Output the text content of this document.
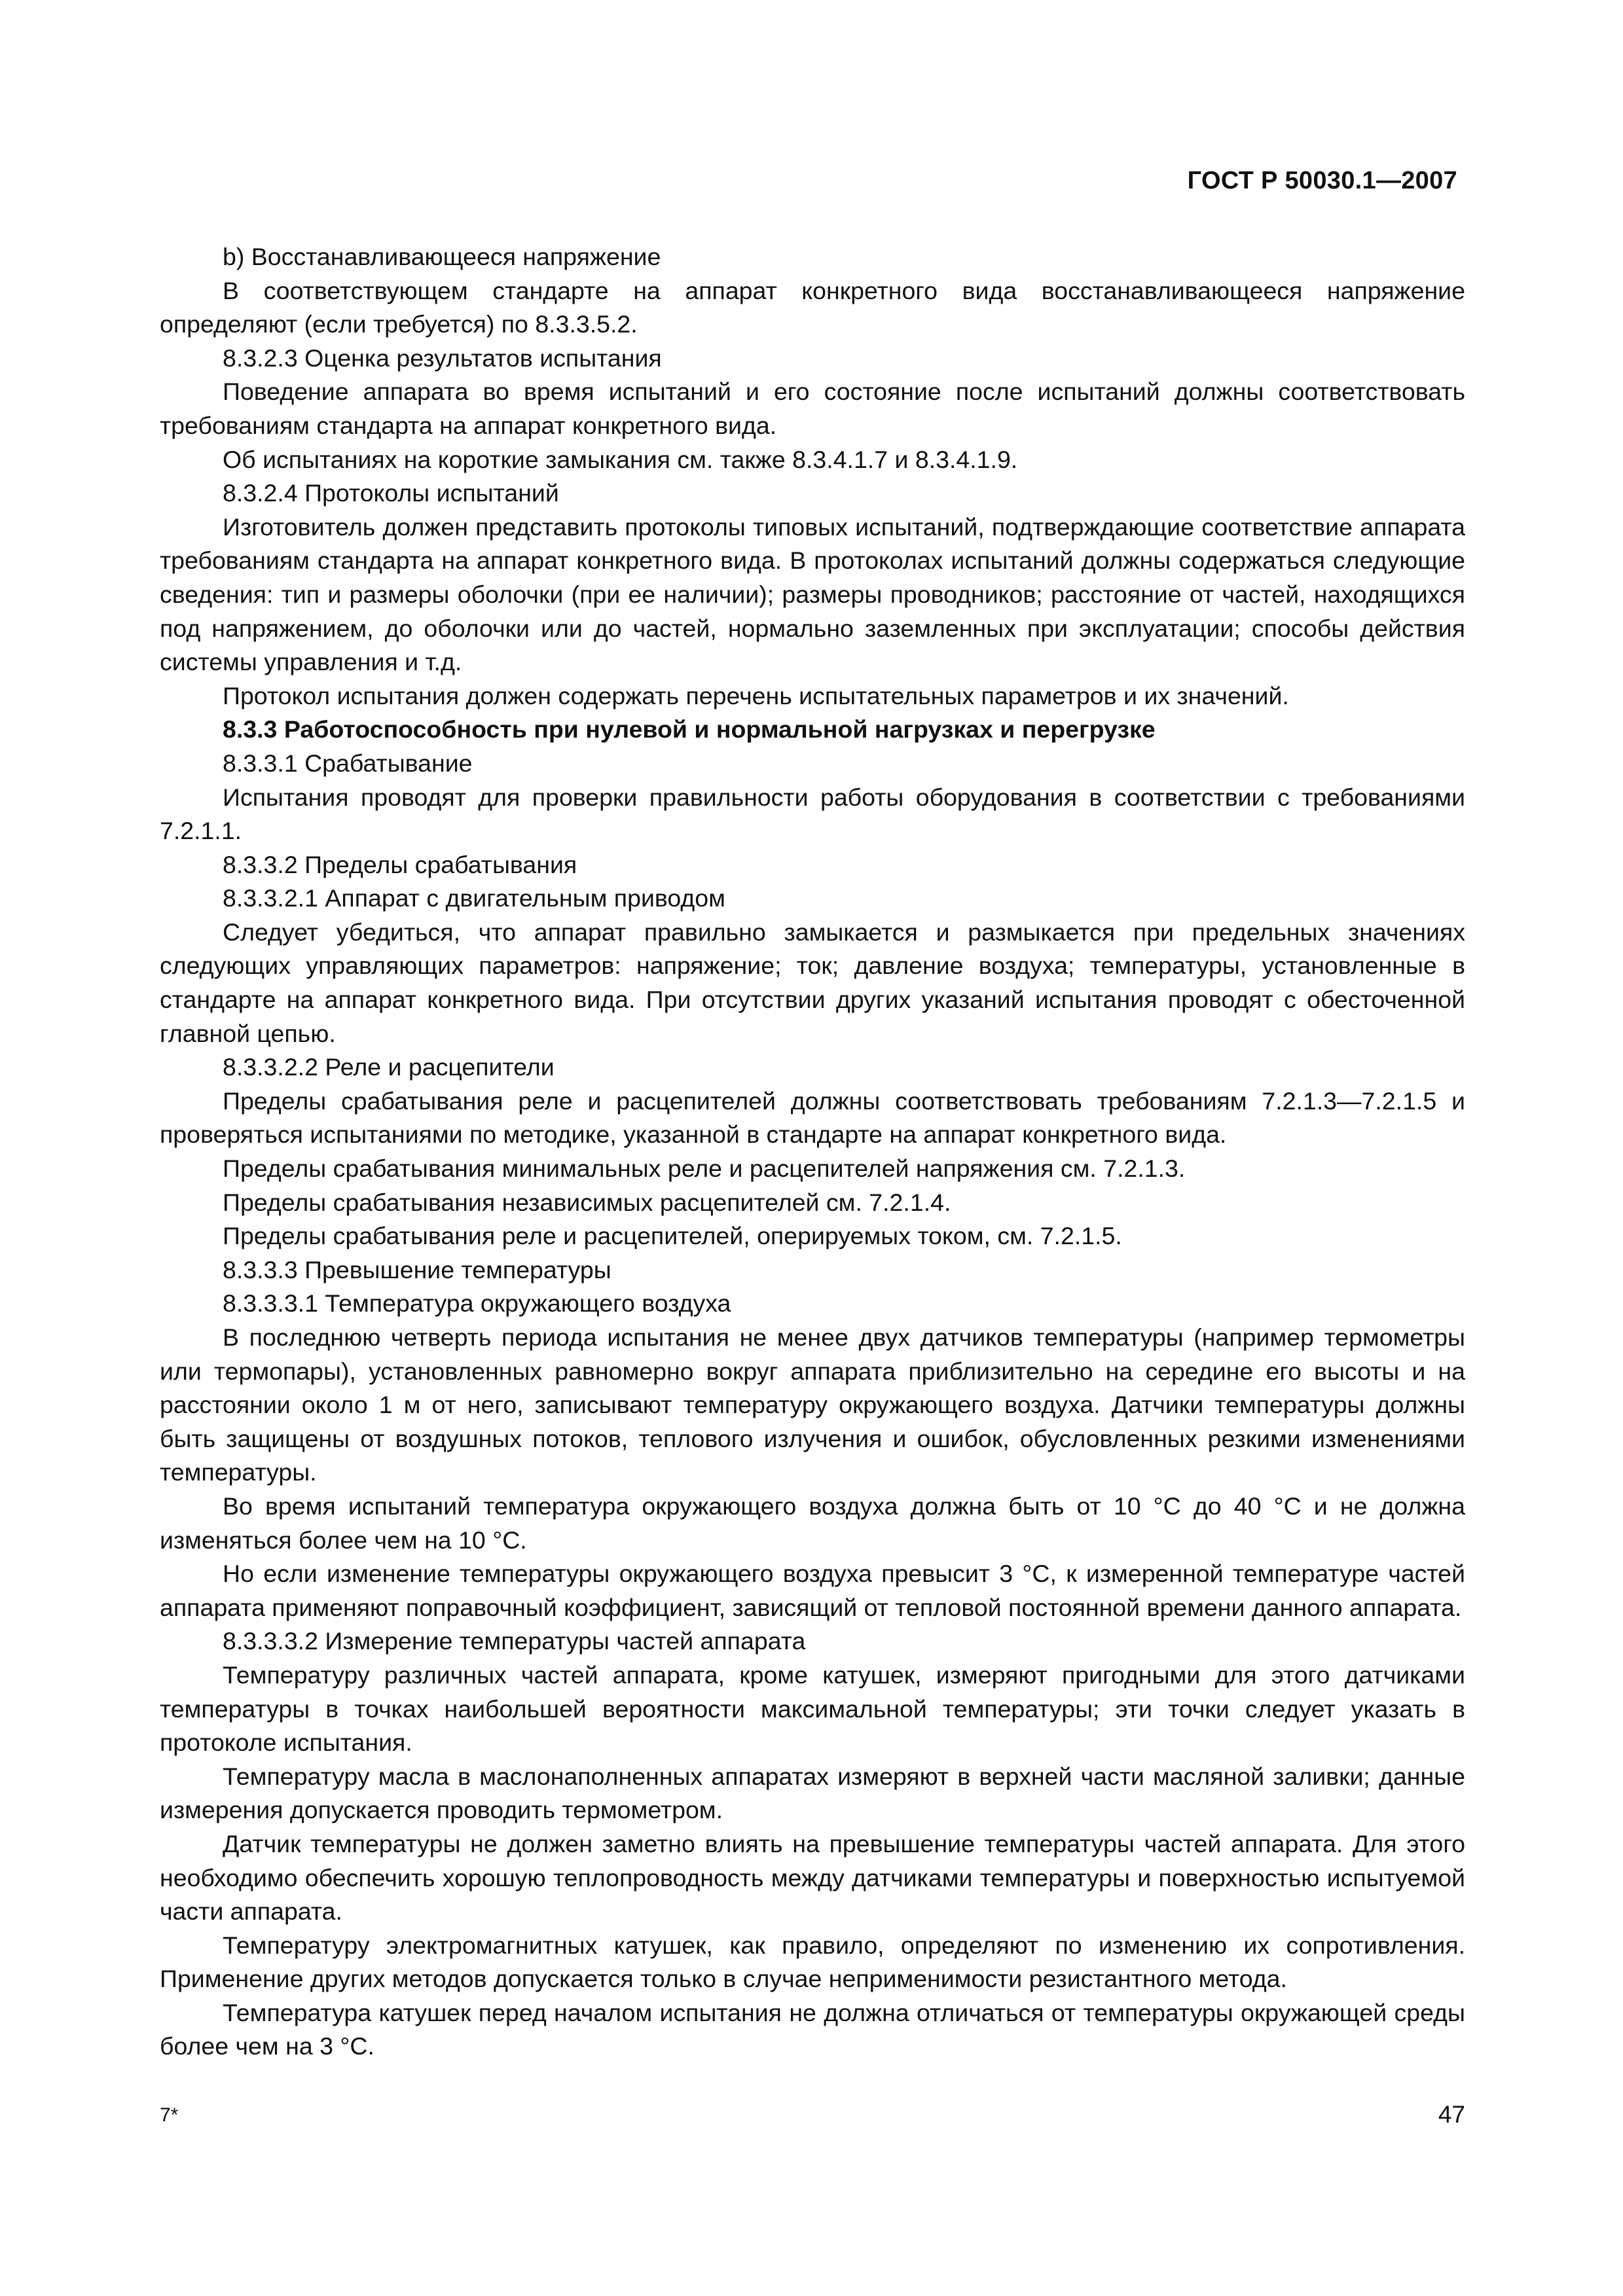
ГОСТ Р 50030.1—2007

b) Восстанавливающееся напряжение

В соответствующем стандарте на аппарат конкретного вида восстанавливающееся напряжение определяют (если требуется) по 8.3.3.5.2.

8.3.2.3 Оценка результатов испытания

Поведение аппарата во время испытаний и его состояние после испытаний должны соответствовать требованиям стандарта на аппарат конкретного вида.

Об испытаниях на короткие замыкания см. также 8.3.4.1.7 и 8.3.4.1.9.

8.3.2.4 Протоколы испытаний

Изготовитель должен представить протоколы типовых испытаний, подтверждающие соответствие аппарата требованиям стандарта на аппарат конкретного вида. В протоколах испытаний должны содержаться следующие сведения: тип и размеры оболочки (при ее наличии); размеры проводников; расстояние от частей, находящихся под напряжением, до оболочки или до частей, нормально заземленных при эксплуатации; способы действия системы управления и т.д.

Протокол испытания должен содержать перечень испытательных параметров и их значений.

8.3.3 Работоспособность при нулевой и нормальной нагрузках и перегрузке

8.3.3.1 Срабатывание

Испытания проводят для проверки правильности работы оборудования в соответствии с требованиями 7.2.1.1.

8.3.3.2 Пределы срабатывания

8.3.3.2.1 Аппарат с двигательным приводом

Следует убедиться, что аппарат правильно замыкается и размыкается при предельных значениях следующих управляющих параметров: напряжение; ток; давление воздуха; температуры, установленные в стандарте на аппарат конкретного вида. При отсутствии других указаний испытания проводят с обесточенной главной цепью.

8.3.3.2.2 Реле и расцепители

Пределы срабатывания реле и расцепителей должны соответствовать требованиям 7.2.1.3—7.2.1.5 и проверяться испытаниями по методике, указанной в стандарте на аппарат конкретного вида.

Пределы срабатывания минимальных реле и расцепителей напряжения см. 7.2.1.3.

Пределы срабатывания независимых расцепителей см. 7.2.1.4.

Пределы срабатывания реле и расцепителей, оперируемых током, см. 7.2.1.5.

8.3.3.3 Превышение температуры

8.3.3.3.1 Температура окружающего воздуха

В последнюю четверть периода испытания не менее двух датчиков температуры (например термометры или термопары), установленных равномерно вокруг аппарата приблизительно на середине его высоты и на расстоянии около 1 м от него, записывают температуру окружающего воздуха. Датчики температуры должны быть защищены от воздушных потоков, теплового излучения и ошибок, обусловленных резкими изменениями температуры.

Во время испытаний температура окружающего воздуха должна быть от 10 °С до 40 °С и не должна изменяться более чем на 10 °С.

Но если изменение температуры окружающего воздуха превысит 3 °С, к измеренной температуре частей аппарата применяют поправочный коэффициент, зависящий от тепловой постоянной времени данного аппарата.

8.3.3.3.2 Измерение температуры частей аппарата

Температуру различных частей аппарата, кроме катушек, измеряют пригодными для этого датчиками температуры в точках наибольшей вероятности максимальной температуры; эти точки следует указать в протоколе испытания.

Температуру масла в маслонаполненных аппаратах измеряют в верхней части масляной заливки; данные измерения допускается проводить термометром.

Датчик температуры не должен заметно влиять на превышение температуры частей аппарата. Для этого необходимо обеспечить хорошую теплопроводность между датчиками температуры и поверхностью испытуемой части аппарата.

Температуру электромагнитных катушек, как правило, определяют по изменению их сопротивления. Применение других методов допускается только в случае неприменимости резистантного метода.

Температура катушек перед началом испытания не должна отличаться от температуры окружающей среды более чем на 3 °С.

7*	47
